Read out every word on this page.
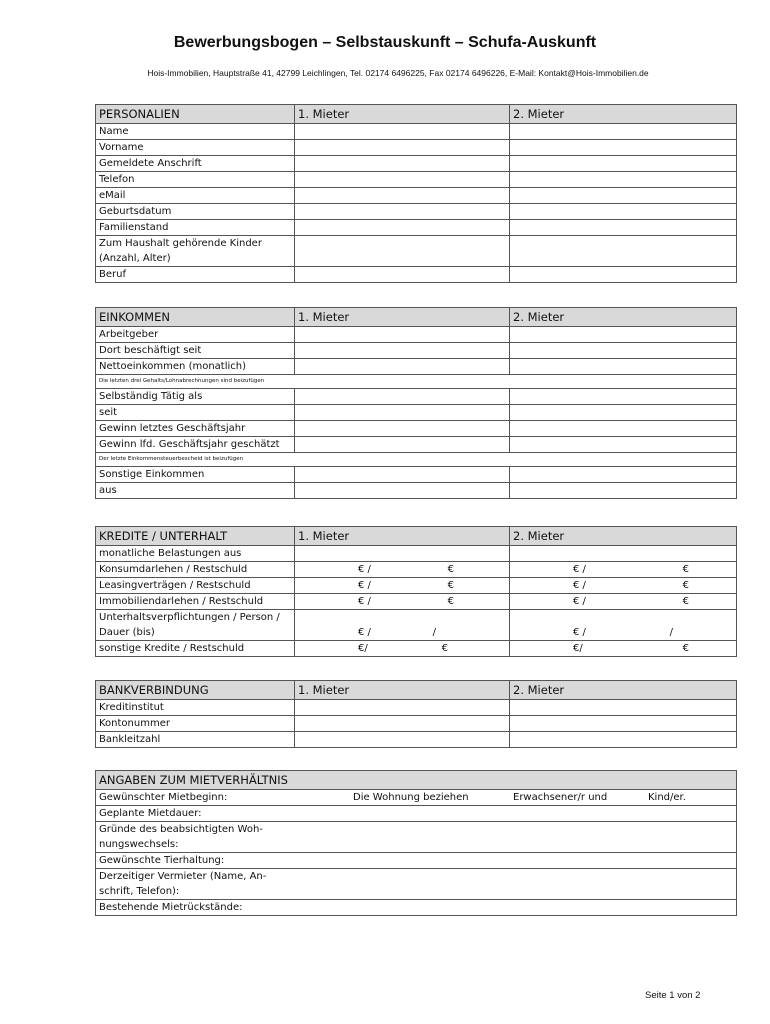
Bewerbungsbogen – Selbstauskunft – Schufa-Auskunft
Hois-Immobilien, Hauptstraße 41, 42799 Leichlingen, Tel. 02174 6496225, Fax 02174 6496226, E-Mail: Kontakt@Hois-Immobilien.de
PERSONALIEN	1. Mieter	2. Mieter
Name		
Vorname		
Gemeldete Anschrift		
Telefon		
eMail		
Geburtsdatum		
Familienstand		
Zum Haushalt gehörende Kinder (Anzahl, Alter)		
Beruf		
EINKOMMEN	1. Mieter	2. Mieter
Arbeitgeber		
Dort beschäftigt seit		
Nettoeinkommen (monatlich)		
Die letzten drei Gehalts/Lohnabrechnungen sind beizufügen		
Selbständig Tätig als		
seit		
Gewinn letztes Geschäftsjahr		
Gewinn lfd. Geschäftsjahr geschätzt		
Der letzte Einkommensteuerbescheid ist beizufügen		
Sonstige Einkommen		
aus		
KREDITE / UNTERHALT	1. Mieter	2. Mieter
monatliche Belastungen aus		
Konsumdarlehen / Restschuld	€ / €	€ / €

Leasingverträgen / Restschuld	€ / €	€ / €

Immobiliendarlehen / Restschuld	€ / €	€ / €

Unterhaltsverpflichtungen / Person / Dauer (bis)	€ / /	€ / /

sonstige Kredite / Restschuld	€/ €	€/ €
BANKVERBINDUNG	1. Mieter	2. Mieter
Kreditinstitut		
Kontonummer		
Bankleitzahl		
ANGABEN ZUM MIETVERHÄLTNIS	

Gewünschter Mietbeginn: Die Wohnung beziehen Erwachsener/r und Kind/er.	

Geplante Mietdauer:	
Gründe des beabsichtigten Woh-nungswechsels:	
Gewünschte Tierhaltung:	
Derzeitiger Vermieter (Name, An-schrift, Telefon):	
Bestehende Mietrückstände:	
Seite 1 von 2
